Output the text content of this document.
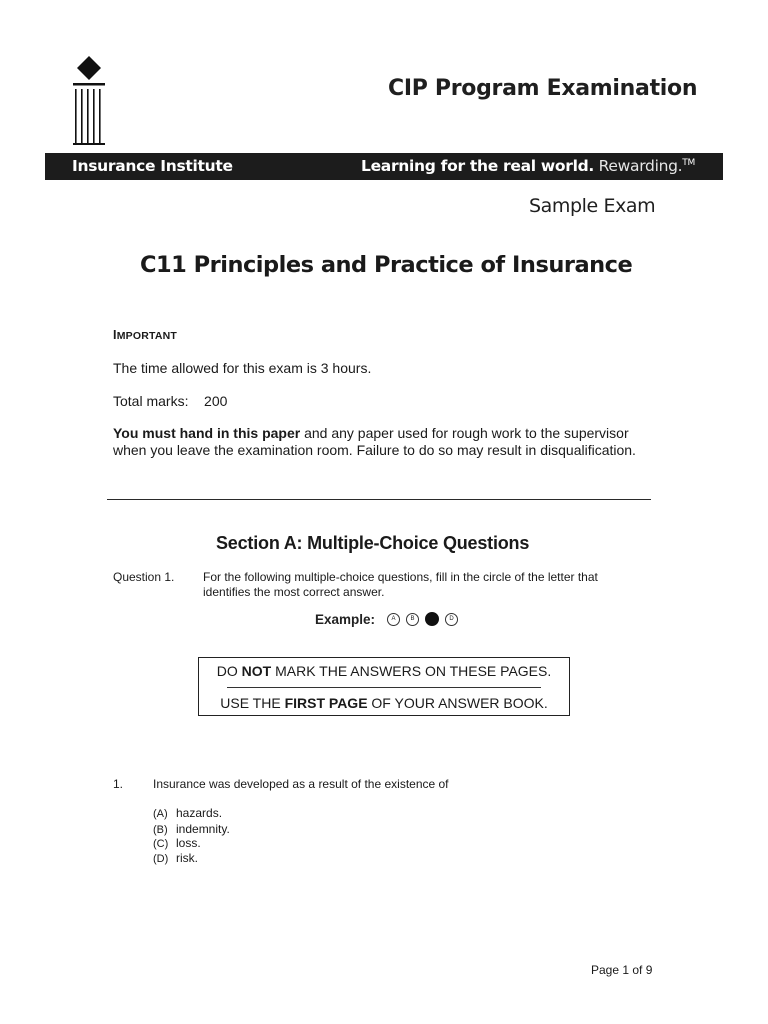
CIP Program Examination
Insurance Institute	Learning for the real world. Rewarding.™
Sample Exam
C11 Principles and Practice of Insurance
IMPORTANT
The time allowed for this exam is 3 hours.
Total marks: 200
You must hand in this paper and any paper used for rough work to the supervisor when you leave the examination room. Failure to do so may result in disqualification.
Section A: Multiple-Choice Questions
Question 1. For the following multiple-choice questions, fill in the circle of the letter that identifies the most correct answer.
Example:	A	B	D
DO NOT MARK THE ANSWERS ON THESE PAGES.
USE THE FIRST PAGE OF YOUR ANSWER BOOK.
1. Insurance was developed as a result of the existence of
(A) hazards.
(B) indemnity.
(C) loss.
(D) risk.
Page 1 of 9
